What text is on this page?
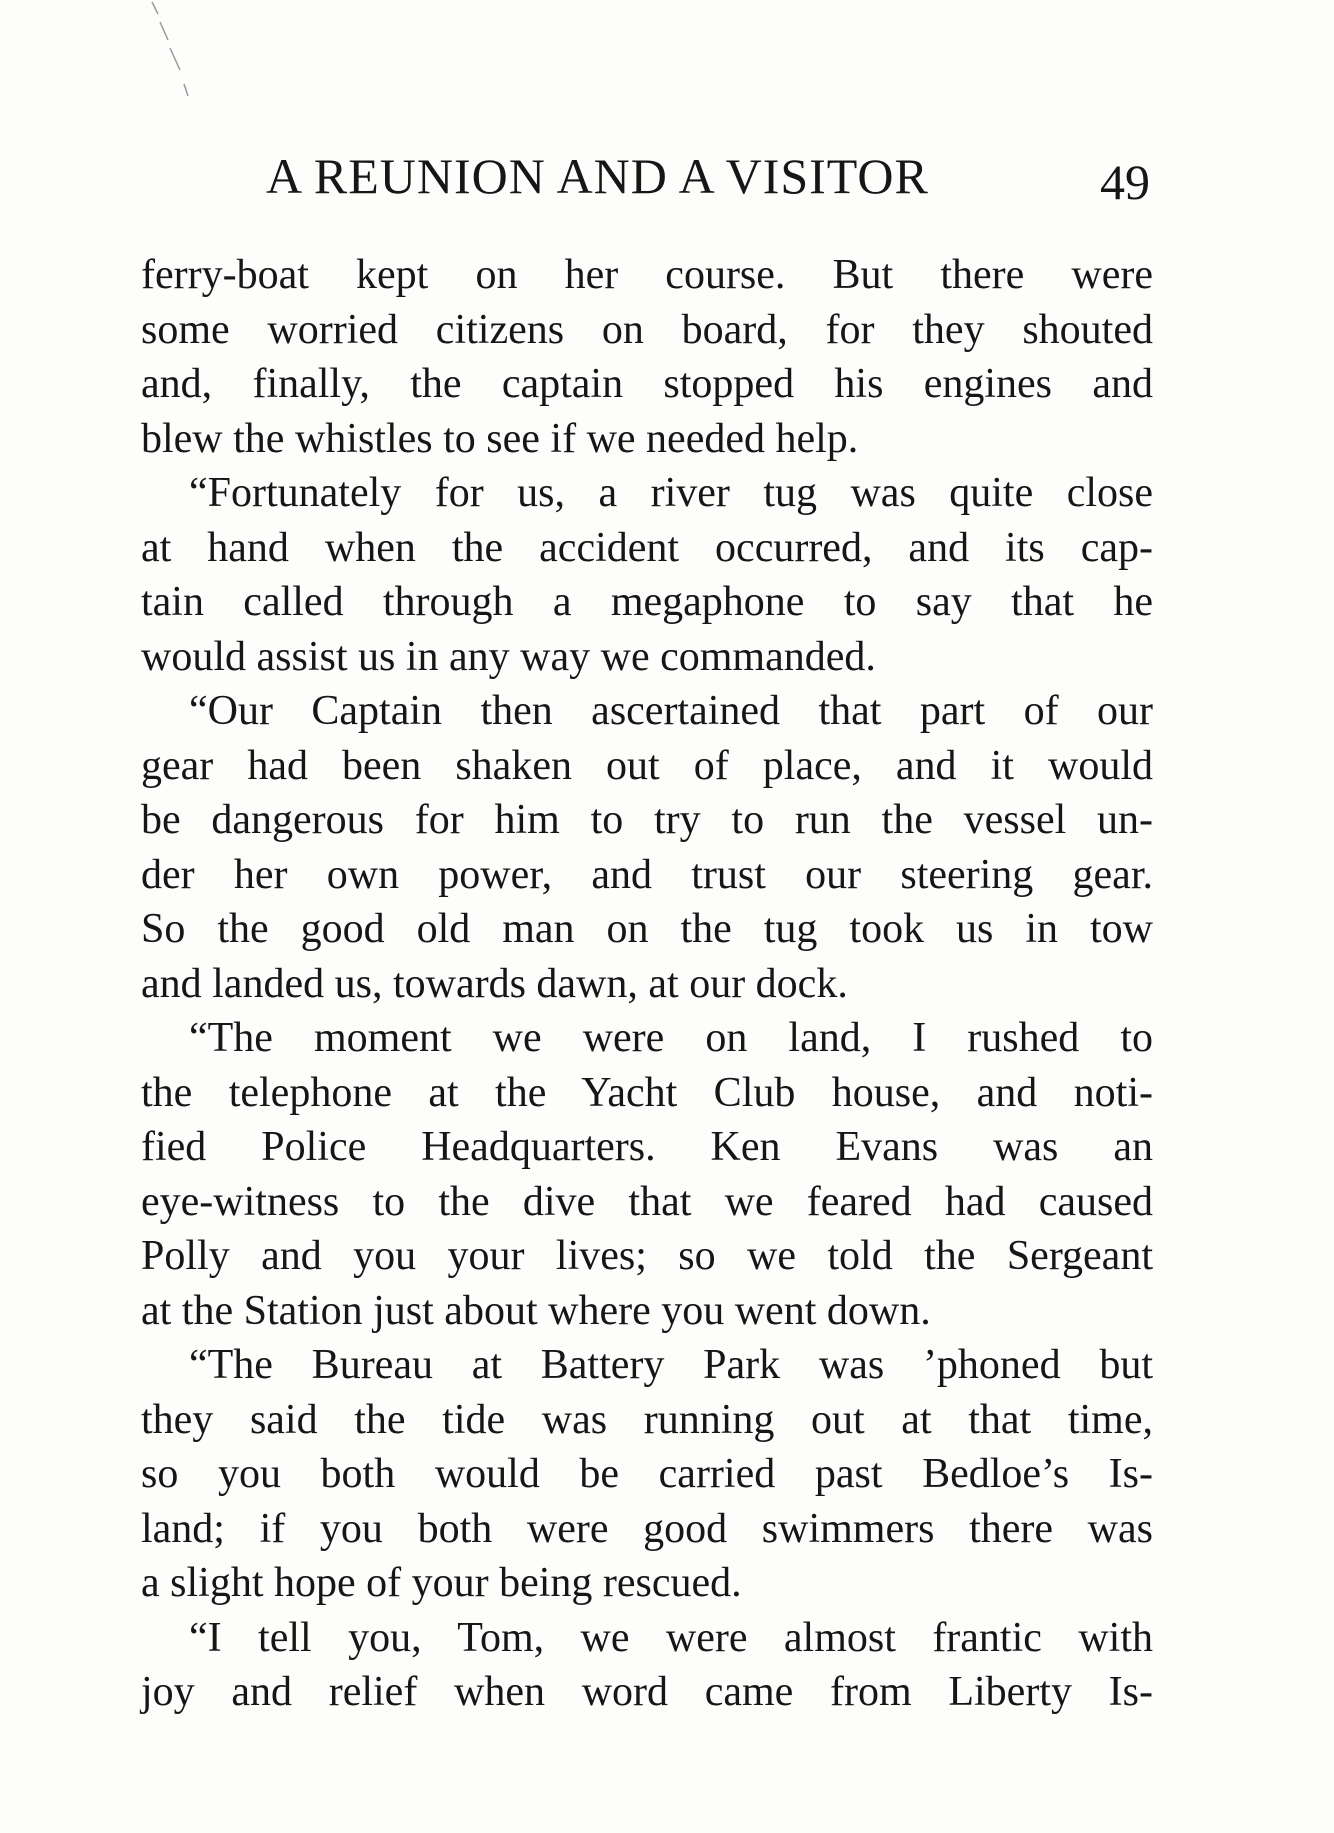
A REUNION AND A VISITOR	49
ferry-boat kept on her course. But there were
some worried citizens on board, for they shouted
and, finally, the captain stopped his engines and
blew the whistles to see if we needed help.
“Fortunately for us, a river tug was quite close
at hand when the accident occurred, and its cap-
tain called through a megaphone to say that he
would assist us in any way we commanded.
“Our Captain then ascertained that part of our
gear had been shaken out of place, and it would
be dangerous for him to try to run the vessel un-
der her own power, and trust our steering gear.
So the good old man on the tug took us in tow
and landed us, towards dawn, at our dock.
“The moment we were on land, I rushed to
the telephone at the Yacht Club house, and noti-
fied Police Headquarters. Ken Evans was an
eye-witness to the dive that we feared had caused
Polly and you your lives; so we told the Sergeant
at the Station just about where you went down.
“The Bureau at Battery Park was ’phoned but
they said the tide was running out at that time,
so you both would be carried past Bedloe’s Is-
land; if you both were good swimmers there was
a slight hope of your being rescued.
“I tell you, Tom, we were almost frantic with
joy and relief when word came from Liberty Is-
